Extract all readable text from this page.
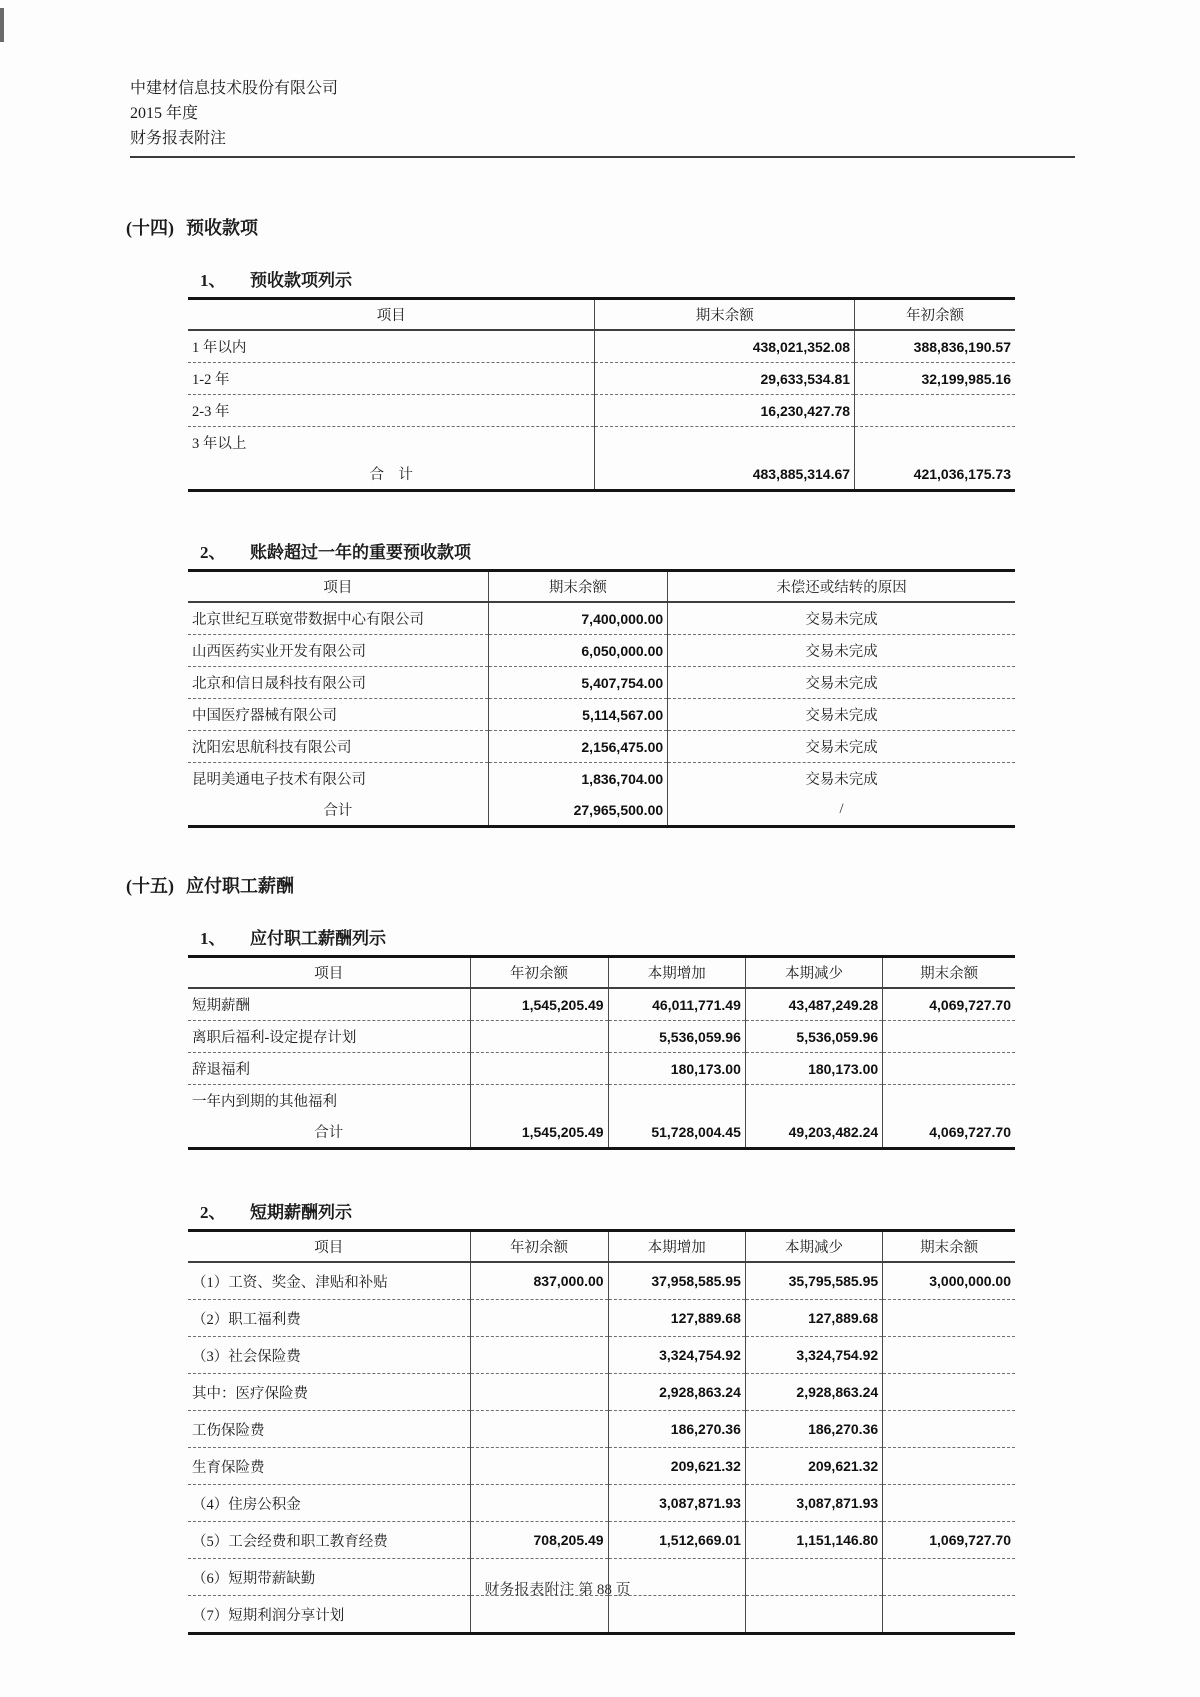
中建材信息技术股份有限公司
2015 年度
财务报表附注
(十四) 预收款项
1、 预收款项列示
项目	期末余额	年初余额
1 年以内	438,021,352.08	388,836,190.57
1-2 年	29,633,534.81	32,199,985.16
2-3 年	16,230,427.78	
3 年以上		
合　计	483,885,314.67	421,036,175.73
2、 账龄超过一年的重要预收款项
项目	期末余额	未偿还或结转的原因
北京世纪互联宽带数据中心有限公司	7,400,000.00	交易未完成
山西医药实业开发有限公司	6,050,000.00	交易未完成
北京和信日晟科技有限公司	5,407,754.00	交易未完成
中国医疗器械有限公司	5,114,567.00	交易未完成
沈阳宏思航科技有限公司	2,156,475.00	交易未完成
昆明美通电子技术有限公司	1,836,704.00	交易未完成
合计	27,965,500.00	/
(十五) 应付职工薪酬
1、 应付职工薪酬列示
项目	年初余额	本期增加	本期减少	期末余额
短期薪酬	1,545,205.49	46,011,771.49	43,487,249.28	4,069,727.70
离职后福利-设定提存计划		5,536,059.96	5,536,059.96	
辞退福利		180,173.00	180,173.00	
一年内到期的其他福利				
合计	1,545,205.49	51,728,004.45	49,203,482.24	4,069,727.70
2、 短期薪酬列示
项目	年初余额	本期增加	本期减少	期末余额
（1）工资、奖金、津贴和补贴	837,000.00	37,958,585.95	35,795,585.95	3,000,000.00
（2）职工福利费		127,889.68	127,889.68	
（3）社会保险费		3,324,754.92	3,324,754.92	
其中：医疗保险费		2,928,863.24	2,928,863.24	
工伤保险费		186,270.36	186,270.36	
生育保险费		209,621.32	209,621.32	
（4）住房公积金		3,087,871.93	3,087,871.93	
（5）工会经费和职工教育经费	708,205.49	1,512,669.01	1,151,146.80	1,069,727.70
（6）短期带薪缺勤				
（7）短期利润分享计划				
财务报表附注 第 88 页
